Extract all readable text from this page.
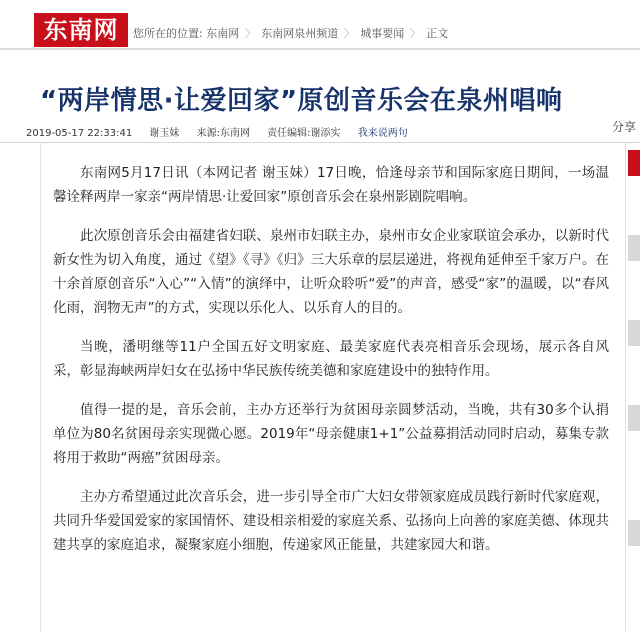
东南网	您所在的位置: 东南网 〉 东南网泉州频道 〉 城事要闻 〉 正文
“两岸情思·让爱回家”原创音乐会在泉州唱响
2019-05-17 22:33:41 谢玉妹 来源:东南网 责任编辑:谢添实 我来说两句	分享

东南网5月17日讯（本网记者 谢玉妹）17日晚，恰逢母亲节和国际家庭日期间，一场温馨诠释两岸一家亲“两岸情思·让爱回家”原创音乐会在泉州影剧院唱响。

此次原创音乐会由福建省妇联、泉州市妇联主办，泉州市女企业家联谊会承办，以新时代新女性为切入角度，通过《望》《寻》《归》三大乐章的层层递进，将视角延伸至千家万户。在十余首原创音乐“入心”“入情”的演绎中，让听众聆听“爱”的声音，感受“家”的温暖，以“春风化雨，润物无声”的方式，实现以乐化人、以乐育人的目的。

当晚，潘明继等11户全国五好文明家庭、最美家庭代表亮相音乐会现场，展示各自风采，彰显海峡两岸妇女在弘扬中华民族传统美德和家庭建设中的独特作用。

值得一提的是，音乐会前，主办方还举行为贫困母亲圆梦活动，当晚，共有30多个认捐单位为80名贫困母亲实现微心愿。2019年“母亲健康1+1”公益募捐活动同时启动，募集专款将用于救助“两癌”贫困母亲。

主办方希望通过此次音乐会，进一步引导全市广大妇女带领家庭成员践行新时代家庭观，共同升华爱国爱家的家国情怀、建设相亲相爱的家庭关系、弘扬向上向善的家庭美德、体现共建共享的家庭追求，凝聚家庭小细胞，传递家风正能量，共建家园大和谐。
